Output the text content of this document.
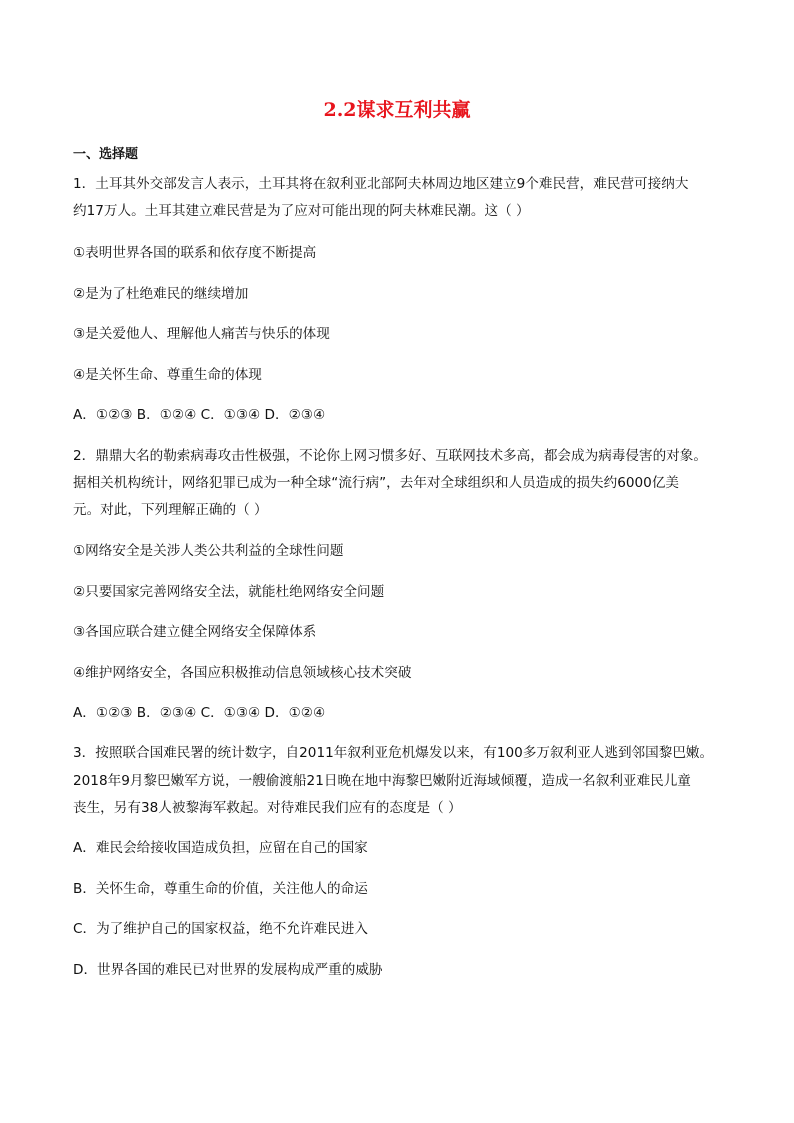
2.2谋求互利共赢
一、选择题
1．土耳其外交部发言人表示，土耳其将在叙利亚北部阿夫林周边地区建立9个难民营，难民营可接纳大
约17万人。土耳其建立难民营是为了应对可能出现的阿夫林难民潮。这（ ）
①表明世界各国的联系和依存度不断提高
②是为了杜绝难民的继续增加
③是关爱他人、理解他人痛苦与快乐的体现
④是关怀生命、尊重生命的体现
A．①②③ B．①②④ C．①③④ D．②③④
2．鼎鼎大名的勒索病毒攻击性极强，不论你上网习惯多好、互联网技术多高，都会成为病毒侵害的对象。
据相关机构统计，网络犯罪已成为一种全球“流行病”，去年对全球组织和人员造成的损失约6000亿美
元。对此，下列理解正确的（ ）
①网络安全是关涉人类公共利益的全球性问题
②只要国家完善网络安全法，就能杜绝网络安全问题
③各国应联合建立健全网络安全保障体系
④维护网络安全，各国应积极推动信息领域核心技术突破
A．①②③ B．②③④ C．①③④ D．①②④
3．按照联合国难民署的统计数字，自2011年叙利亚危机爆发以来，有100多万叙利亚人逃到邻国黎巴嫩。
2018年9月黎巴嫩军方说，一艘偷渡船21日晚在地中海黎巴嫩附近海域倾覆，造成一名叙利亚难民儿童
丧生，另有38人被黎海军救起。对待难民我们应有的态度是（ ）
A．难民会给接收国造成负担，应留在自己的国家
B．关怀生命，尊重生命的价值，关注他人的命运
C．为了维护自己的国家权益，绝不允许难民进入
D．世界各国的难民已对世界的发展构成严重的威胁
